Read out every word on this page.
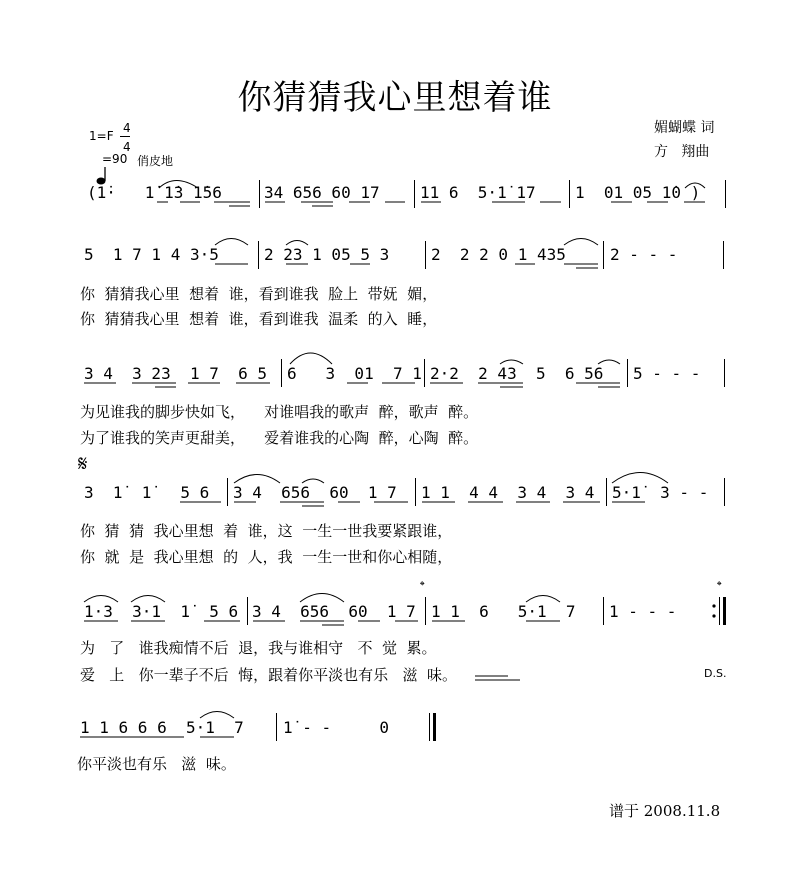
你猜猜我心里想着谁
1=F
4
4

=90 俏皮地
媚蝴蝶 词
方   翔曲
(1̇·   1̇ 1̇3 1̇56	34 656 60 17	11 6  5·1̇ 17 1  01 05 1̇0 )
5  1 7 1 4 3·5	2 23 1 05 5 3	2  2 2 0 1 435	2 - - -
你  猜猜我心里  想着  谁，看到谁我  脸上  带妩  媚，
你  猜猜我心里  想着  谁，看到谁我  温柔  的入  睡，
3 4  3 23  1 7  6 5 6   3  01  7 1 2·2  2 43  5  6 56 5 - - -
为见谁我的脚步快如飞，    对谁唱我的歌声  醉，歌声  醉。
为了谁我的笑声更甜美，    爱着谁我的心陶  醉，心陶  醉。
𝄋
3  1̇  1̇   5 6 3 4  656  60  1 7 1 1  4 4  3 4  3 4 5·1̇  3 - -
你  猜  猜  我心里想  着  谁，这  一生一世我要紧跟谁，
你  就  是  我心里想  的  人，我  一生一世和你心相随，
1·3  3·1  1̇  5 6 3 4  656  60  1 7 1 1  6   5·1  7 1 - - -
𝄌	𝄌
为   了   谁我痴情不后  退，我与谁相守   不  觉  累。
爱   上   你一辈子不后  悔，跟着你平淡也有乐   滋  味。	D.S.
1 1 6 6 6  5·1  7 1̇ - -     0
你平淡也有乐   滋  味。
谱于 2008.11.8
